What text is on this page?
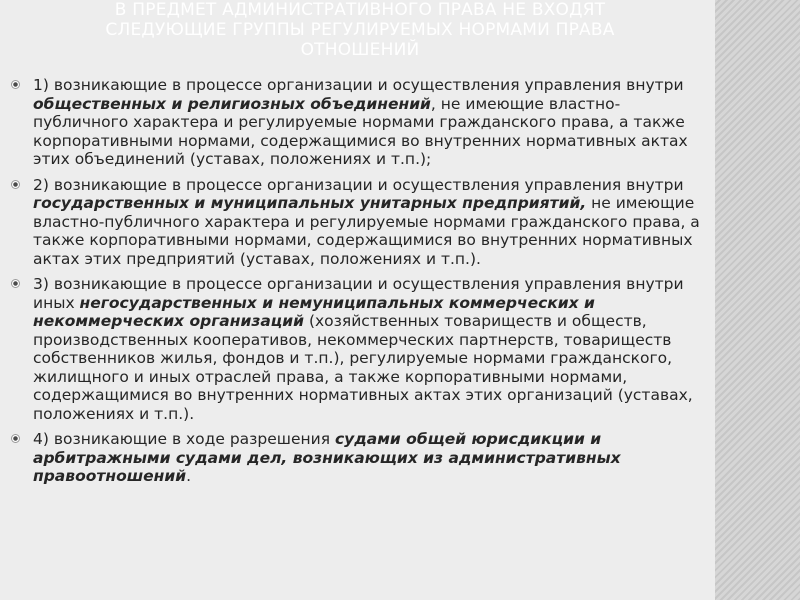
В ПРЕДМЕТ АДМИНИСТРАТИВНОГО ПРАВА НЕ ВХОДЯТ
СЛЕДУЮЩИЕ ГРУППЫ РЕГУЛИРУЕМЫХ НОРМАМИ ПРАВА
ОТНОШЕНИЙ
1) возникающие в процессе организации и осуществления управления внутри общественных и религиозных объединений, не имеющие властно-публичного характера и регулируемые нормами гражданского права, а также корпоративными нормами, содержащимися во внутренних нормативных актах этих объединений (уставах, положениях и т.п.);
2) возникающие в процессе организации и осуществления управления внутри государственных и муниципальных унитарных предприятий, не имеющие властно-публичного характера и регулируемые нормами гражданского права, а также корпоративными нормами, содержащимися во внутренних нормативных актах этих предприятий (уставах, положениях и т.п.).
3) возникающие в процессе организации и осуществления управления внутри иных негосударственных и немуниципальных коммерческих и некоммерческих организаций (хозяйственных товариществ и обществ, производственных кооперативов, некоммерческих партнерств, товариществ собственников жилья, фондов и т.п.), регулируемые нормами гражданского, жилищного и иных отраслей права, а также корпоративными нормами, содержащимися во внутренних нормативных актах этих организаций (уставах, положениях и т.п.).
4) возникающие в ходе разрешения судами общей юрисдикции и арбитражными судами дел, возникающих из административных правоотношений.
